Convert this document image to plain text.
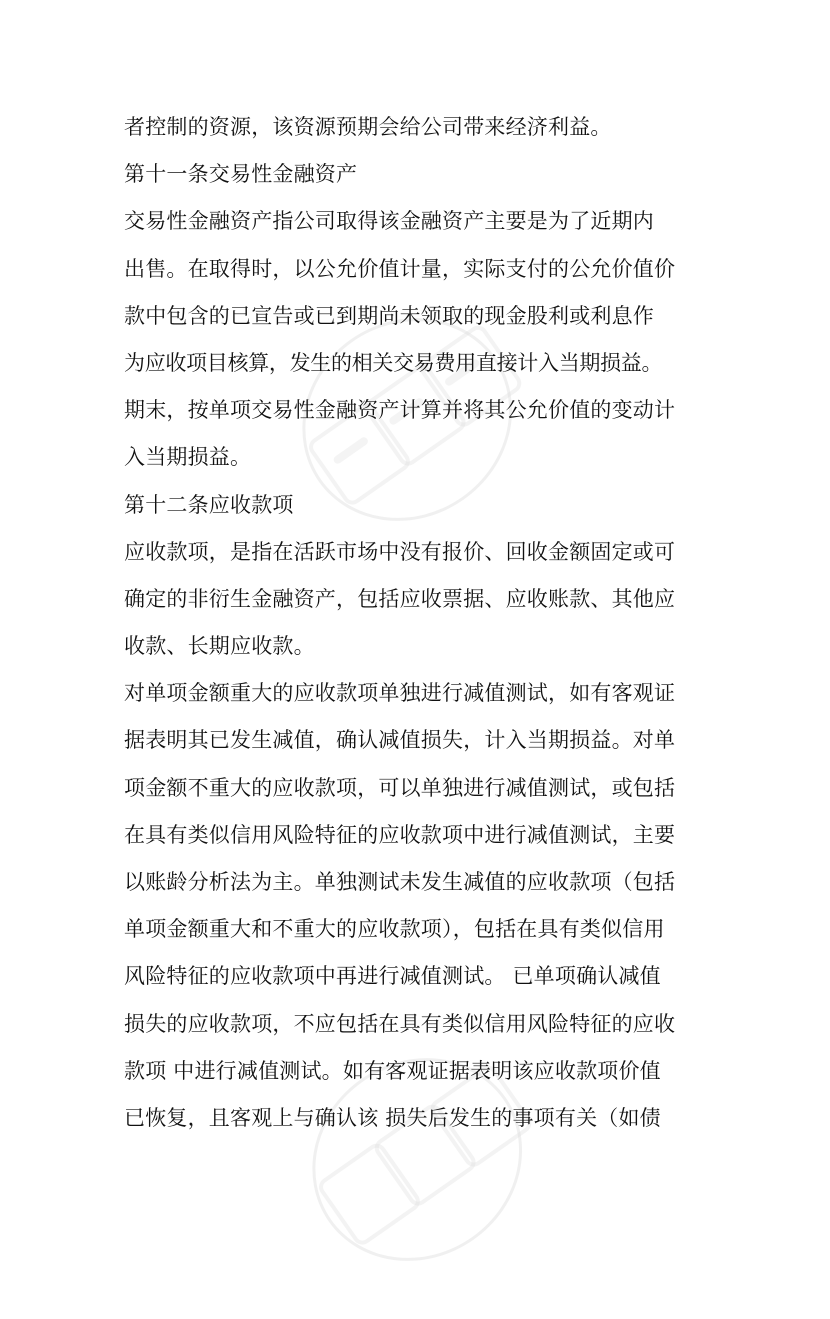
者控制的资源，该资源预期会给公司带来经济利益。
第十一条交易性金融资产
交易性金融资产指公司取得该金融资产主要是为了近期内
出售。在取得时，以公允价值计量，实际支付的公允价值价
款中包含的已宣告或已到期尚未领取的现金股利或利息作
为应收项目核算，发生的相关交易费用直接计入当期损益。
期末，按单项交易性金融资产计算并将其公允价值的变动计
入当期损益。
第十二条应收款项
应收款项，是指在活跃市场中没有报价、回收金额固定或可
确定的非衍生金融资产，包括应收票据、应收账款、其他应
收款、长期应收款。
对单项金额重大的应收款项单独进行减值测试，如有客观证
据表明其已发生减值，确认减值损失，计入当期损益。对单
项金额不重大的应收款项，可以单独进行减值测试，或包括
在具有类似信用风险特征的应收款项中进行减值测试，主要
以账龄分析法为主。单独测试未发生减值的应收款项（包括
单项金额重大和不重大的应收款项），包括在具有类似信用
风险特征的应收款项中再进行减值测试。 已单项确认减值
损失的应收款项，不应包括在具有类似信用风险特征的应收
款项 中进行减值测试。如有客观证据表明该应收款项价值
已恢复，且客观上与确认该 损失后发生的事项有关（如债
